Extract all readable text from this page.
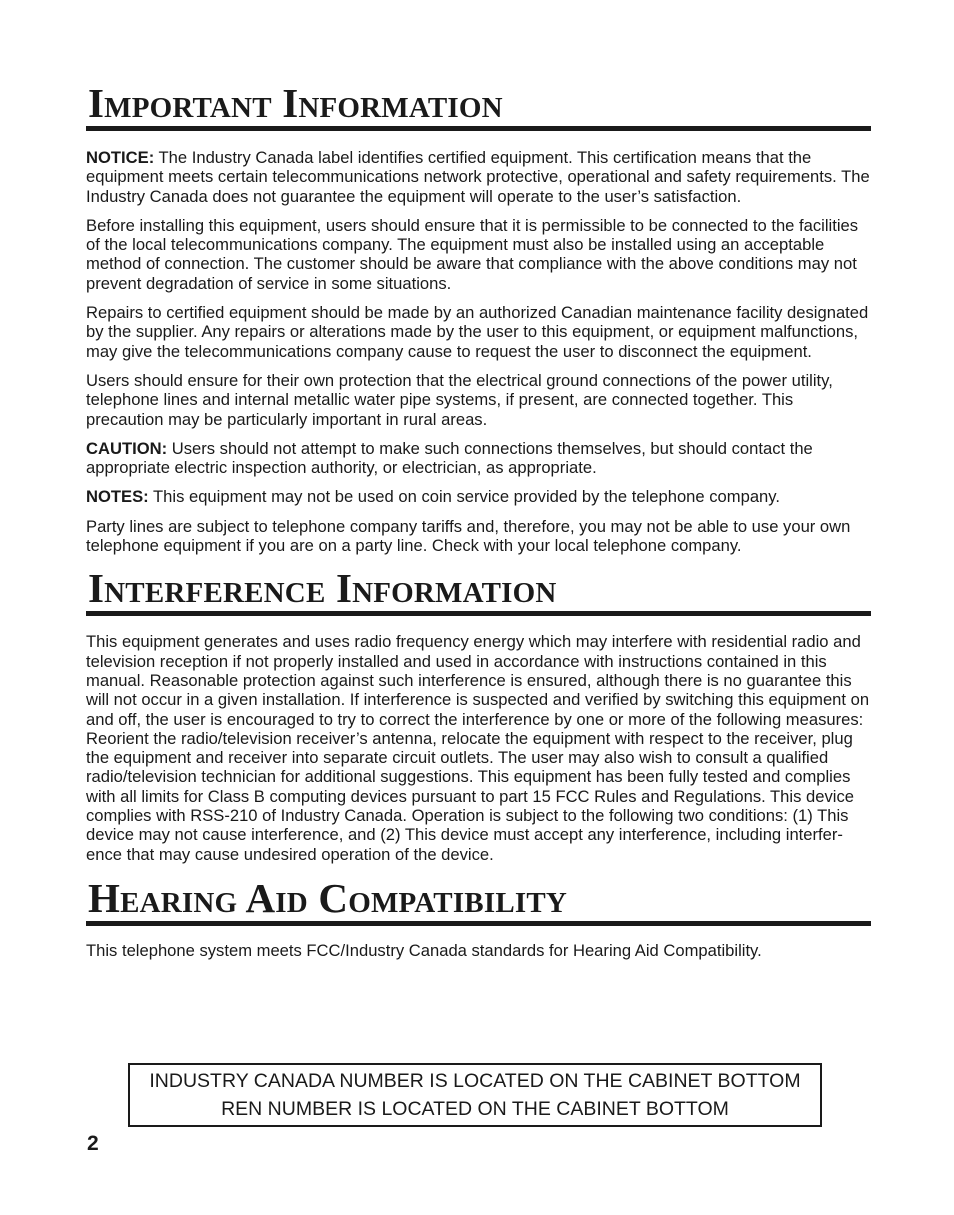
Important Information

NOTICE: The Industry Canada label identifies certified equipment. This certification means that the equipment meets certain telecommunications network protective, operational and safety requirements. The Industry Canada does not guarantee the equipment will operate to the user’s satisfaction.

Before installing this equipment, users should ensure that it is permissible to be connected to the facilities of the local telecommunications company. The equipment must also be installed using an acceptable method of connection. The customer should be aware that compliance with the above conditions may not prevent degradation of service in some situations.

Repairs to certified equipment should be made by an authorized Canadian maintenance facility designated by the supplier. Any repairs or alterations made by the user to this equipment, or equipment malfunctions, may give the telecommunications company cause to request the user to disconnect the equipment.

Users should ensure for their own protection that the electrical ground connections of the power utility, telephone lines and internal metallic water pipe systems, if present, are connected together. This precaution may be particularly important in rural areas.

CAUTION: Users should not attempt to make such connections themselves, but should contact the appropriate electric inspection authority, or electrician, as appropriate.

NOTES: This equipment may not be used on coin service provided by the telephone company.

Party lines are subject to telephone company tariffs and, therefore, you may not be able to use your own telephone equipment if you are on a party line. Check with your local telephone company.

Interference Information

This equipment generates and uses radio frequency energy which may interfere with residential radio and television reception if not properly installed and used in accordance with instructions contained in this manual. Reasonable protection against such interference is ensured, although there is no guarantee this will not occur in a given installation. If interference is suspected and verified by switching this equipment on and off, the user is encouraged to try to correct the interference by one or more of the following measures: Reorient the radio/television receiver’s antenna, relocate the equipment with respect to the receiver, plug the equipment and receiver into separate circuit outlets. The user may also wish to consult a qualified radio/television technician for additional suggestions. This equipment has been fully tested and complies with all limits for Class B computing devices pursuant to part 15 FCC Rules and Regulations. This device complies with RSS-210 of Industry Canada. Operation is subject to the following two conditions: (1) This device may not cause interference, and (2) This device must accept any interference, including interfer-ence that may cause undesired operation of the device.

Hearing Aid Compatibility

This telephone system meets FCC/Industry Canada standards for Hearing Aid Compatibility.

INDUSTRY CANADA NUMBER IS LOCATED ON THE CABINET BOTTOM
REN NUMBER IS LOCATED ON THE CABINET BOTTOM
2
